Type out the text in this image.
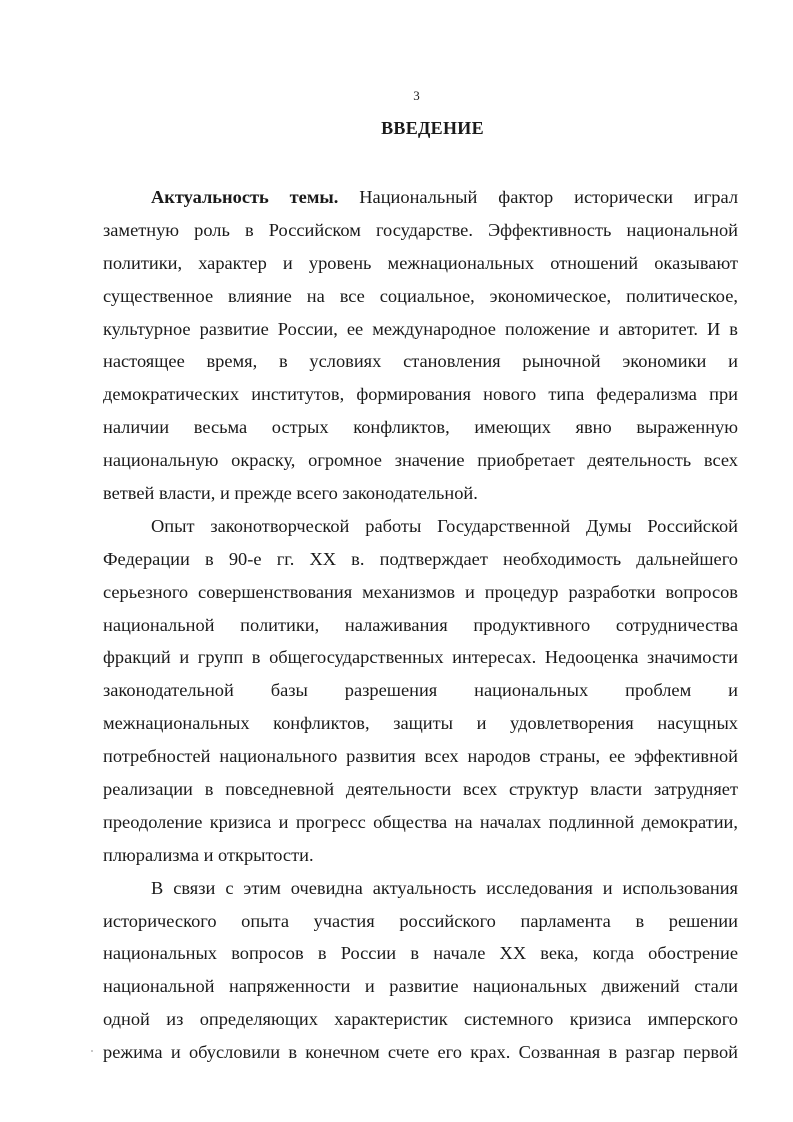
3
ВВЕДЕНИЕ
Актуальность темы. Национальный фактор исторически играл
заметную роль в Российском государстве. Эффективность национальной
политики, характер и уровень межнациональных отношений оказывают
существенное влияние на все социальное, экономическое, политическое,
культурное развитие России, ее международное положение и авторитет. И в
настоящее время, в условиях становления рыночной экономики и
демократических институтов, формирования нового типа федерализма при
наличии весьма острых конфликтов, имеющих явно выраженную
национальную окраску, огромное значение приобретает деятельность всех
ветвей власти, и прежде всего законодательной.
Опыт законотворческой работы Государственной Думы Российской
Федерации в 90-е гг. XX в. подтверждает необходимость дальнейшего
серьезного совершенствования механизмов и процедур разработки вопросов
национальной политики, налаживания продуктивного сотрудничества
фракций и групп в общегосударственных интересах. Недооценка значимости
законодательной базы разрешения национальных проблем и
межнациональных конфликтов, защиты и удовлетворения насущных
потребностей национального развития всех народов страны, ее эффективной
реализации в повседневной деятельности всех структур власти затрудняет
преодоление кризиса и прогресс общества на началах подлинной демократии,
плюрализма и открытости.
В связи с этим очевидна актуальность исследования и использования
исторического опыта участия российского парламента в решении
национальных вопросов в России в начале XX века, когда обострение
национальной напряженности и развитие национальных движений стали
одной из определяющих характеристик системного кризиса имперского
режима и обусловили в конечном счете его крах. Созванная в разгар первой
